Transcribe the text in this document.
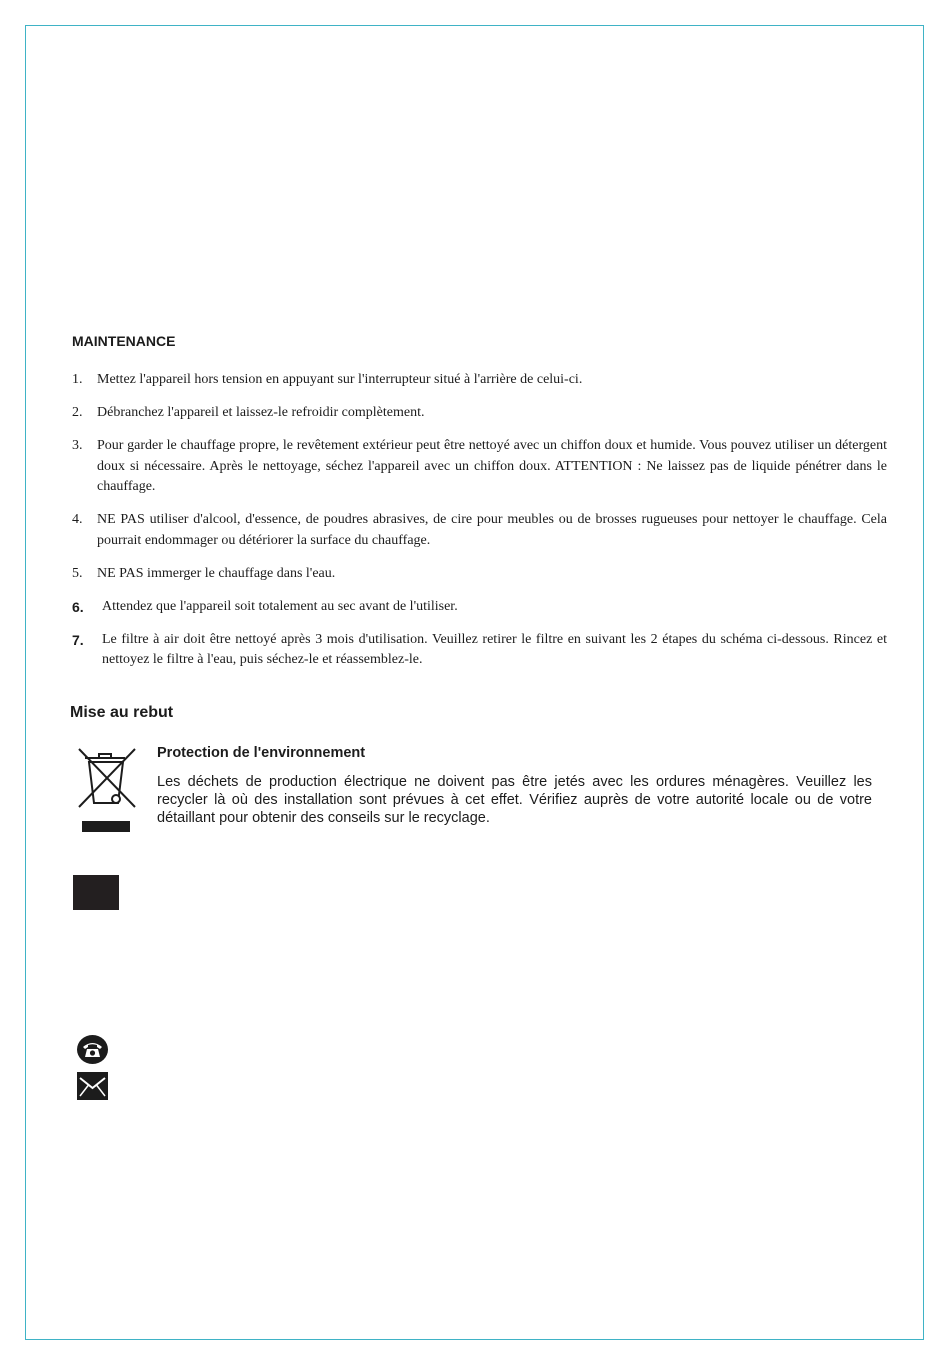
MAINTENANCE
1.	Mettez l'appareil hors tension en appuyant sur l'interrupteur situé à l'arrière de celui-ci.
2.	Débranchez l'appareil et laissez-le refroidir complètement.
3.	Pour garder le chauffage propre, le revêtement extérieur peut être nettoyé avec un chiffon doux et humide. Vous pouvez utiliser un détergent doux si nécessaire. Après le nettoyage, séchez l'appareil avec un chiffon doux. ATTENTION : Ne laissez pas de liquide pénétrer dans le chauffage.
4.	NE PAS utiliser d'alcool, d'essence, de poudres abrasives, de cire pour meubles ou de brosses rugueuses pour nettoyer le chauffage. Cela pourrait endommager ou détériorer la surface du chauffage.
5.	NE PAS immerger le chauffage dans l'eau.
6.	Attendez que l'appareil soit totalement au sec avant de l'utiliser.
7.	Le filtre à air doit être nettoyé après 3 mois d'utilisation. Veuillez retirer le filtre en suivant les 2 étapes du schéma ci-dessous. Rincez et nettoyez le filtre à l'eau, puis séchez-le et réassemblez-le.
Mise au rebut
Protection de l'environnement
Les déchets de production électrique ne doivent pas être jetés avec les ordures ménagères. Veuillez les recycler là où des installation sont prévues à cet effet. Vérifiez auprès de votre autorité locale ou de votre détaillant pour obtenir des conseils sur le recyclage.
